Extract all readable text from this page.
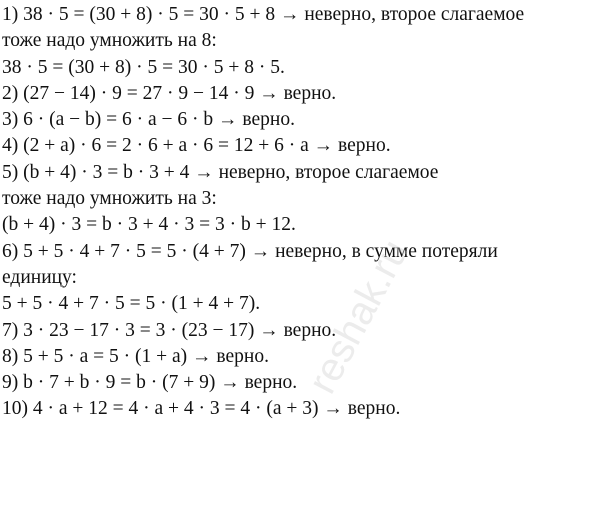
1) 38 · 5 = (30 + 8) · 5 = 30 · 5 + 8 → неверно, второе слагаемое
тоже надо умножить на 8:
38 · 5 = (30 + 8) · 5 = 30 · 5 + 8 · 5.
2) (27 − 14) · 9 = 27 · 9 − 14 · 9 → верно.
3) 6 · (a − b) = 6 · a − 6 · b → верно.
4) (2 + a) · 6 = 2 · 6 + a · 6 = 12 + 6 · a → верно.
5) (b + 4) · 3 = b · 3 + 4 → неверно, второе слагаемое
тоже надо умножить на 3:
(b + 4) · 3 = b · 3 + 4 · 3 = 3 · b + 12.
6) 5 + 5 · 4 + 7 · 5 = 5 · (4 + 7) → неверно, в сумме потеряли
единицу:
5 + 5 · 4 + 7 · 5 = 5 · (1 + 4 + 7).
7) 3 · 23 − 17 · 3 = 3 · (23 − 17) → верно.
8) 5 + 5 · a = 5 · (1 + a) → верно.
9) b · 7 + b · 9 = b · (7 + 9) → верно.
10) 4 · a + 12 = 4 · a + 4 · 3 = 4 · (a + 3) → верно.
reshak.ru
